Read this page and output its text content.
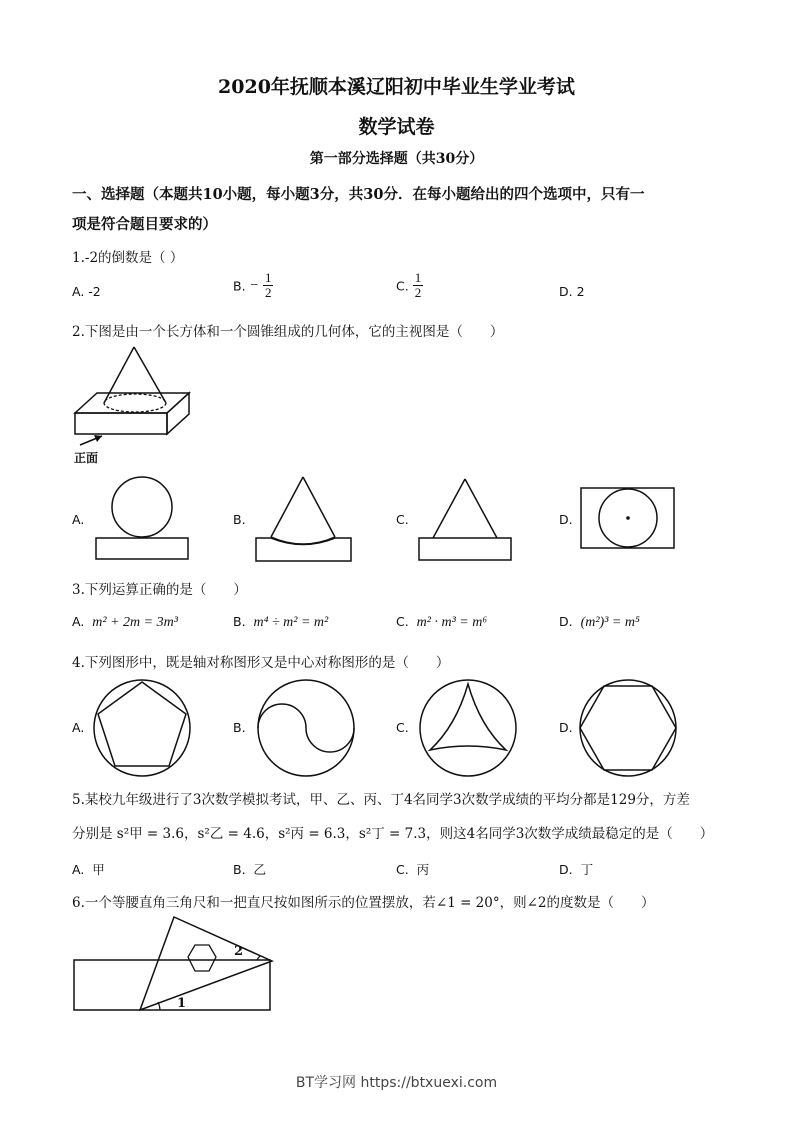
2020年抚顺本溪辽阳初中毕业生学业考试
数学试卷
第一部分选择题（共30分）
一、选择题（本题共10小题，每小题3分，共30分．在每小题给出的四个选项中，只有一
项是符合题目要求的）
1.-2的倒数是（ ）
A. -2	B. − $\frac{1}{2}$	C. $\frac{1}{2}$	D. 2
2.下图是由一个长方体和一个圆锥组成的几何体，它的主视图是（　　）
正面
A.	B.	C.	D.
3.下列运算正确的是（　　）
A. m² + 2m = 3m³	B. m⁴ ÷ m² = m²	C. m² · m³ = m⁶	D. (m²)³ = m⁵
4.下列图形中，既是轴对称图形又是中心对称图形的是（　　）
A.	B.	C.	D.
5.某校九年级进行了3次数学模拟考试，甲、乙、丙、丁4名同学3次数学成绩的平均分都是129分，方差
分别是 s²甲 = 3.6，s²乙 = 4.6，s²丙 = 6.3，s²丁 = 7.3，则这4名同学3次数学成绩最稳定的是（　　）
A. 甲	B. 乙	C. 丙	D. 丁
6.一个等腰直角三角尺和一把直尺按如图所示的位置摆放，若∠1 = 20°，则∠2的度数是（　　）
1
2
BT学习网 https://btxuexi.com
